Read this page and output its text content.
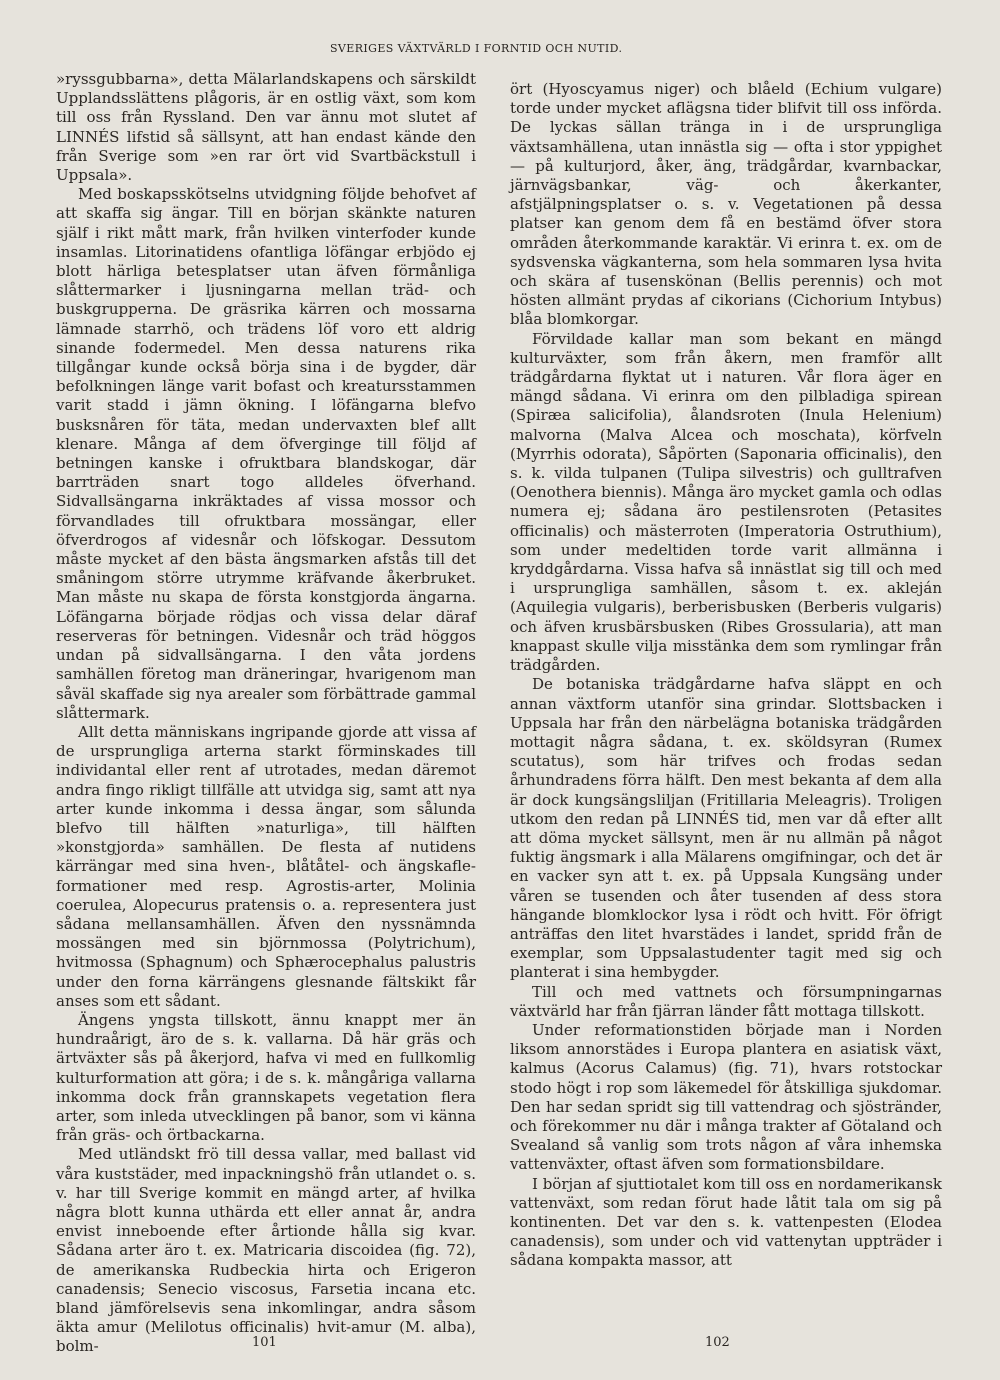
SVERIGES VÄXTVÄRLD I FORNTID OCH NUTID.

»ryssgubbarna», detta Mälarlandskapens och särskildt Upplandsslättens plågoris, är en ostlig växt, som kom till oss från Ryssland. Den var ännu mot slutet af LINNÉS lifstid så sällsynt, att han endast kände den från Sverige som »en rar ört vid Svartbäckstull i Uppsala».

Med boskapsskötselns utvidgning följde behofvet af att skaffa sig ängar. Till en början skänkte naturen själf i rikt mått mark, från hvilken vinterfoder kunde insamlas. Litorinatidens ofantliga löfängar erbjödo ej blott härliga betesplatser utan äfven förmånliga slåttermarker i ljusningarna mellan träd- och buskgrupperna. De gräsrika kärren och mossarna lämnade starrhö, och trädens löf voro ett aldrig sinande fodermedel. Men dessa naturens rika tillgångar kunde också börja sina i de bygder, där befolkningen länge varit bofast och kreatursstammen varit stadd i jämn ökning. I löfängarna blefvo busksnåren för täta, medan undervaxten blef allt klenare. Många af dem öfverginge till följd af betningen kanske i ofruktbara blandskogar, där barrträden snart togo alldeles öfverhand. Sidvallsängarna inkräktades af vissa mossor och förvandlades till ofruktbara mossängar, eller öfverdrogos af videsnår och löfskogar. Dessutom måste mycket af den bästa ängsmarken afstås till det småningom större utrymme kräfvande åkerbruket. Man måste nu skapa de första konstgjorda ängarna. Löfängarna började rödjas och vissa delar däraf reserveras för betningen. Videsnår och träd höggos undan på sidvallsängarna. I den våta jordens samhällen företog man dräneringar, hvarigenom man såväl skaffade sig nya arealer som förbättrade gammal slåttermark.

Allt detta människans ingripande gjorde att vissa af de ursprungliga arterna starkt förminskades till individantal eller rent af utrotades, medan däremot andra fingo rikligt tillfälle att utvidga sig, samt att nya arter kunde inkomma i dessa ängar, som sålunda blefvo till hälften »naturliga», till hälften »konstgjorda» samhällen. De flesta af nutidens kärrängar med sina hven-, blåtåtel- och ängskafle-formationer med resp. Agrostis-arter, Molinia coerulea, Alopecurus pratensis o. a. representera just sådana mellansamhällen. Äfven den nyssnämnda mossängen med sin björnmossa (Polytrichum), hvitmossa (Sphagnum) och Sphærocephalus palustris under den forna kärrängens glesnande fältskikt får anses som ett sådant.

Ängens yngsta tillskott, ännu knappt mer än hundraårigt, äro de s. k. vallarna. Då här gräs och ärtväxter sås på åkerjord, hafva vi med en fullkomlig kulturformation att göra; i de s. k. mångåriga vallarna inkomma dock från grannskapets vegetation flera arter, som inleda utvecklingen på banor, som vi känna från gräs- och örtbackarna.

Med utländskt frö till dessa vallar, med ballast vid våra kuststäder, med inpackningshö från utlandet o. s. v. har till Sverige kommit en mängd arter, af hvilka några blott kunna uthärda ett eller annat år, andra envist inneboende efter årtionde hålla sig kvar. Sådana arter äro t. ex. Matricaria discoidea (fig. 72), de amerikanska Rudbeckia hirta och Erigeron canadensis; Senecio viscosus, Farsetia incana etc. bland jämförelsevis sena inkomlingar, andra såsom äkta amur (Melilotus officinalis) hvit-amur (M. alba), bolm-

ört (Hyoscyamus niger) och blåeld (Echium vulgare) torde under mycket aflägsna tider blifvit till oss införda. De lyckas sällan tränga in i de ursprungliga växtsamhällena, utan innästla sig — ofta i stor yppighet — på kulturjord, åker, äng, trädgårdar, kvarnbackar, järnvägsbankar, väg- och åkerkanter, afstjälpningsplatser o. s. v. Vegetationen på dessa platser kan genom dem få en bestämd öfver stora områden återkommande karaktär. Vi erinra t. ex. om de sydsvenska vägkanterna, som hela sommaren lysa hvita och skära af tusenskönan (Bellis perennis) och mot hösten allmänt prydas af cikorians (Cichorium Intybus) blåa blomkorgar.

Förvildade kallar man som bekant en mängd kulturväxter, som från åkern, men framför allt trädgårdarna flyktat ut i naturen. Vår flora äger en mängd sådana. Vi erinra om den pilbladiga spirean (Spiræa salicifolia), ålandsroten (Inula Helenium) malvorna (Malva Alcea och moschata), körfveln (Myrrhis odorata), Såpörten (Saponaria officinalis), den s. k. vilda tulpanen (Tulipa silvestris) och gulltrafven (Oenothera biennis). Många äro mycket gamla och odlas numera ej; sådana äro pestilensroten (Petasites officinalis) och mästerroten (Imperatoria Ostruthium), som under medeltiden torde varit allmänna i kryddgårdarna. Vissa hafva så innästlat sig till och med i ursprungliga samhällen, såsom t. ex. akleján (Aquilegia vulgaris), berberisbusken (Berberis vulgaris) och äfven krusbärsbusken (Ribes Grossularia), att man knappast skulle vilja misstänka dem som rymlingar från trädgården.

De botaniska trädgårdarne hafva släppt en och annan växtform utanför sina grindar. Slottsbacken i Uppsala har från den närbelägna botaniska trädgården mottagit några sådana, t. ex. sköldsyran (Rumex scutatus), som här trifves och frodas sedan århundradens förra hälft. Den mest bekanta af dem alla är dock kungsängsliljan (Fritillaria Meleagris). Troligen utkom den redan på LINNÉS tid, men var då efter allt att döma mycket sällsynt, men är nu allmän på något fuktig ängsmark i alla Mälarens omgifningar, och det är en vacker syn att t. ex. på Uppsala Kungsäng under våren se tusenden och åter tusenden af dess stora hängande blomklockor lysa i rödt och hvitt. För öfrigt anträffas den litet hvarstädes i landet, spridd från de exemplar, som Uppsalastudenter tagit med sig och planterat i sina hembygder.

Till och med vattnets och försumpningarnas växtvärld har från fjärran länder fått mottaga tillskott.

Under reformationstiden började man i Norden liksom annorstädes i Europa plantera en asiatisk växt, kalmus (Acorus Calamus) (fig. 71), hvars rotstockar stodo högt i rop som läkemedel för åtskilliga sjukdomar. Den har sedan spridt sig till vattendrag och sjöstränder, och förekommer nu där i många trakter af Götaland och Svealand så vanlig som trots någon af våra inhemska vattenväxter, oftast äfven som formationsbildare.

I början af sjuttiotalet kom till oss en nordamerikansk vattenväxt, som redan förut hade låtit tala om sig på kontinenten. Det var den s. k. vattenpesten (Elodea canadensis), som under och vid vattenytan uppträder i sådana kompakta massor, att

101	102
